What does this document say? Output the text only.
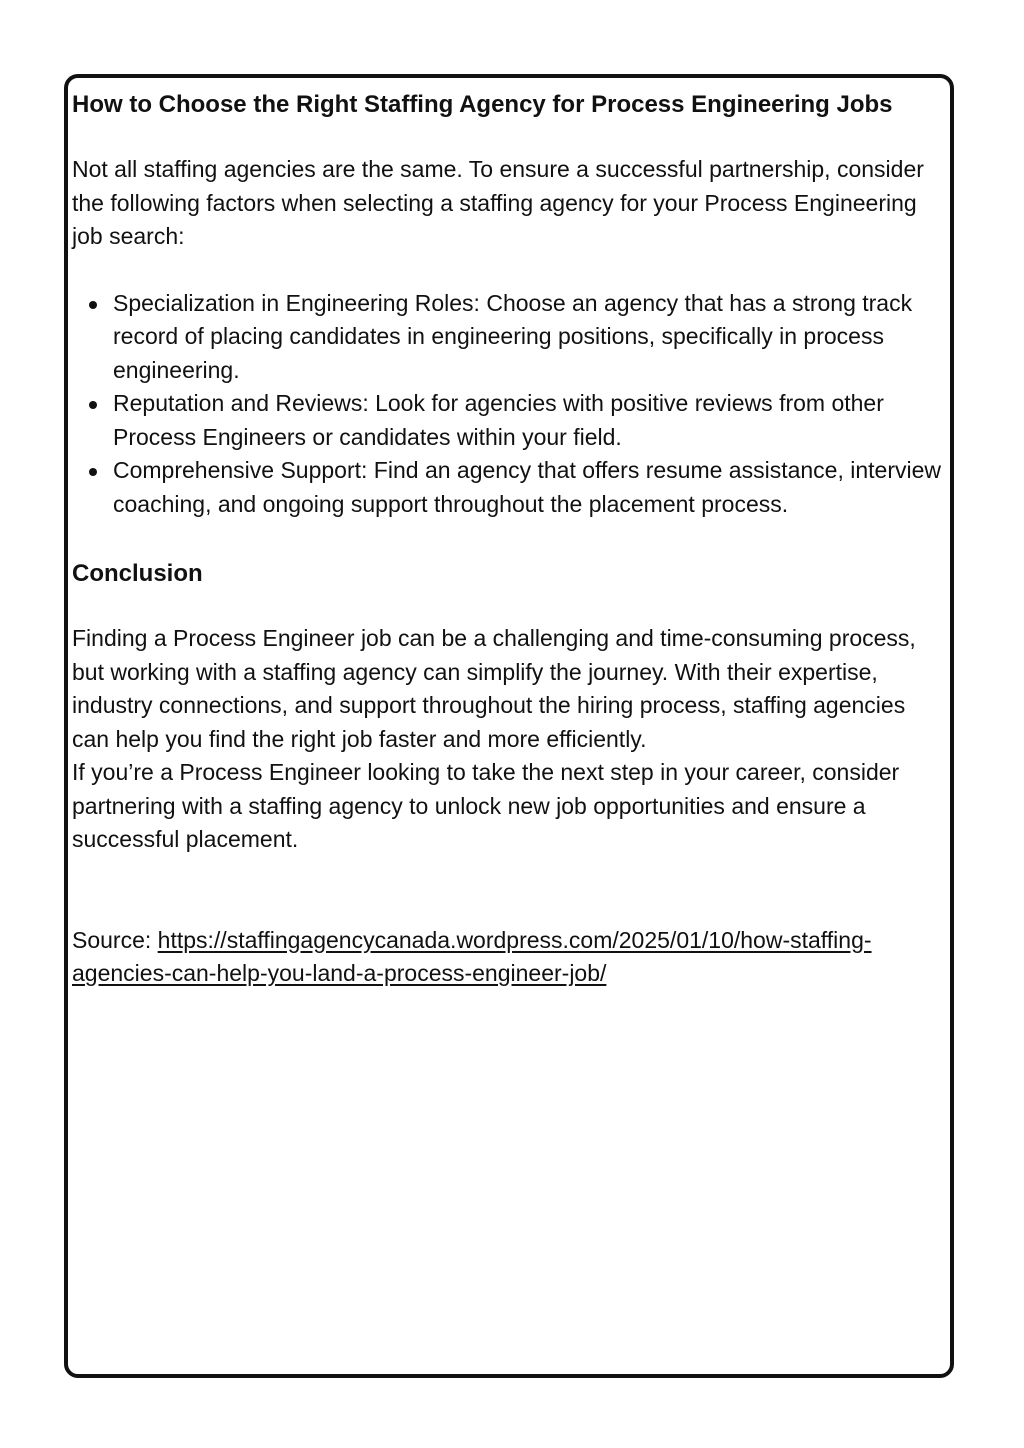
How to Choose the Right Staffing Agency for Process Engineering Jobs

Not all staffing agencies are the same. To ensure a successful partnership, consider the following factors when selecting a staffing agency for your Process Engineering job search:

Specialization in Engineering Roles: Choose an agency that has a strong track record of placing candidates in engineering positions, specifically in process engineering.
Reputation and Reviews: Look for agencies with positive reviews from other Process Engineers or candidates within your field.
Comprehensive Support: Find an agency that offers resume assistance, interview coaching, and ongoing support throughout the placement process.
Conclusion

Finding a Process Engineer job can be a challenging and time-consuming process, but working with a staffing agency can simplify the journey. With their expertise, industry connections, and support throughout the hiring process, staffing agencies can help you find the right job faster and more efficiently.

If you’re a Process Engineer looking to take the next step in your career, consider partnering with a staffing agency to unlock new job opportunities and ensure a successful placement.

Source: https://staffingagencycanada.wordpress.com/2025/01/10/how-staffing-agencies-can-help-you-land-a-process-engineer-job/
